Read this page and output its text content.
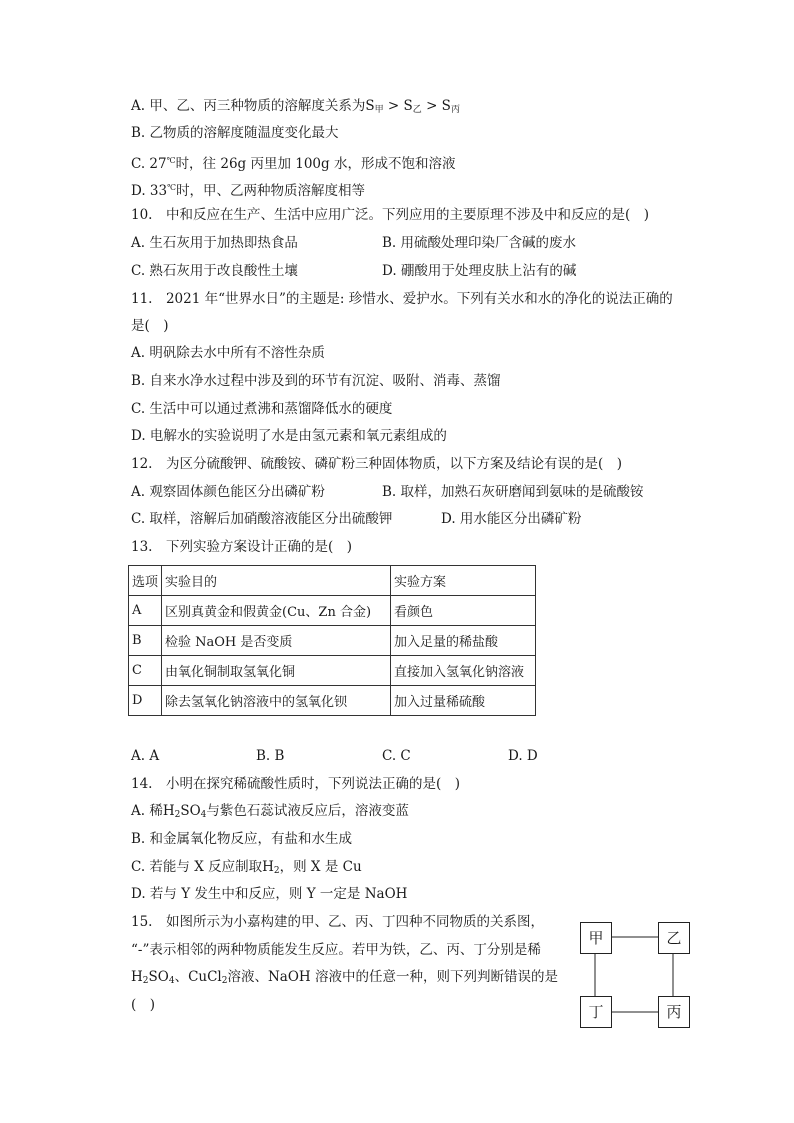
A. 甲、乙、丙三种物质的溶解度关系为$S_甲 > S_乙 > S_丙$
B. 乙物质的溶解度随温度变化最大
C. 27℃时，往 26g 丙里加 100g 水，形成不饱和溶液
D. 33℃时，甲、乙两种物质溶解度相等
10.　中和反应在生产、生活中应用广泛。下列应用的主要原理不涉及中和反应的是(　)
A. 生石灰用于加热即热食品	B. 用硫酸处理印染厂含碱的废水
C. 熟石灰用于改良酸性土壤	D. 硼酸用于处理皮肤上沾有的碱
11.　2021 年“世界水日”的主题是: 珍惜水、爱护水。下列有关水和水的净化的说法正确的
是(　)
A. 明矾除去水中所有不溶性杂质
B. 自来水净水过程中涉及到的环节有沉淀、吸附、消毒、蒸馏
C. 生活中可以通过煮沸和蒸馏降低水的硬度
D. 电解水的实验说明了水是由氢元素和氧元素组成的
12.　为区分硫酸钾、硫酸铵、磷矿粉三种固体物质，以下方案及结论有误的是(　)
A. 观察固体颜色能区分出磷矿粉	B. 取样，加熟石灰研磨闻到氨味的是硫酸铵
C. 取样，溶解后加硝酸溶液能区分出硫酸钾	D. 用水能区分出磷矿粉
13.　下列实验方案设计正确的是(　)
选项	实验目的	实验方案
A	区别真黄金和假黄金(Cu、Zn 合金)	看颜色
B	检验 NaOH 是否变质	加入足量的稀盐酸
C	由氧化铜制取氢氧化铜	直接加入氢氧化钠溶液
D	除去氢氧化钠溶液中的氢氧化钡	加入过量稀硫酸
A. A	B. B	C. C	D. D
14.　小明在探究稀硫酸性质时，下列说法正确的是(　)
A. 稀$H_2SO_4$与紫色石蕊试液反应后，溶液变蓝
B. 和金属氧化物反应，有盐和水生成
C. 若能与 X 反应制取$H_2$，则 X 是 Cu
D. 若与 Y 发生中和反应，则 Y 一定是 NaOH
15.　如图所示为小嘉构建的甲、乙、丙、丁四种不同物质的关系图，
“-”表示相邻的两种物质能发生反应。若甲为铁，乙、丙、丁分别是稀
$H_2SO_4$、CuCl$_2$溶液、NaOH 溶液中的任意一种，则下列判断错误的是
(　)
甲	乙
丁	丙
